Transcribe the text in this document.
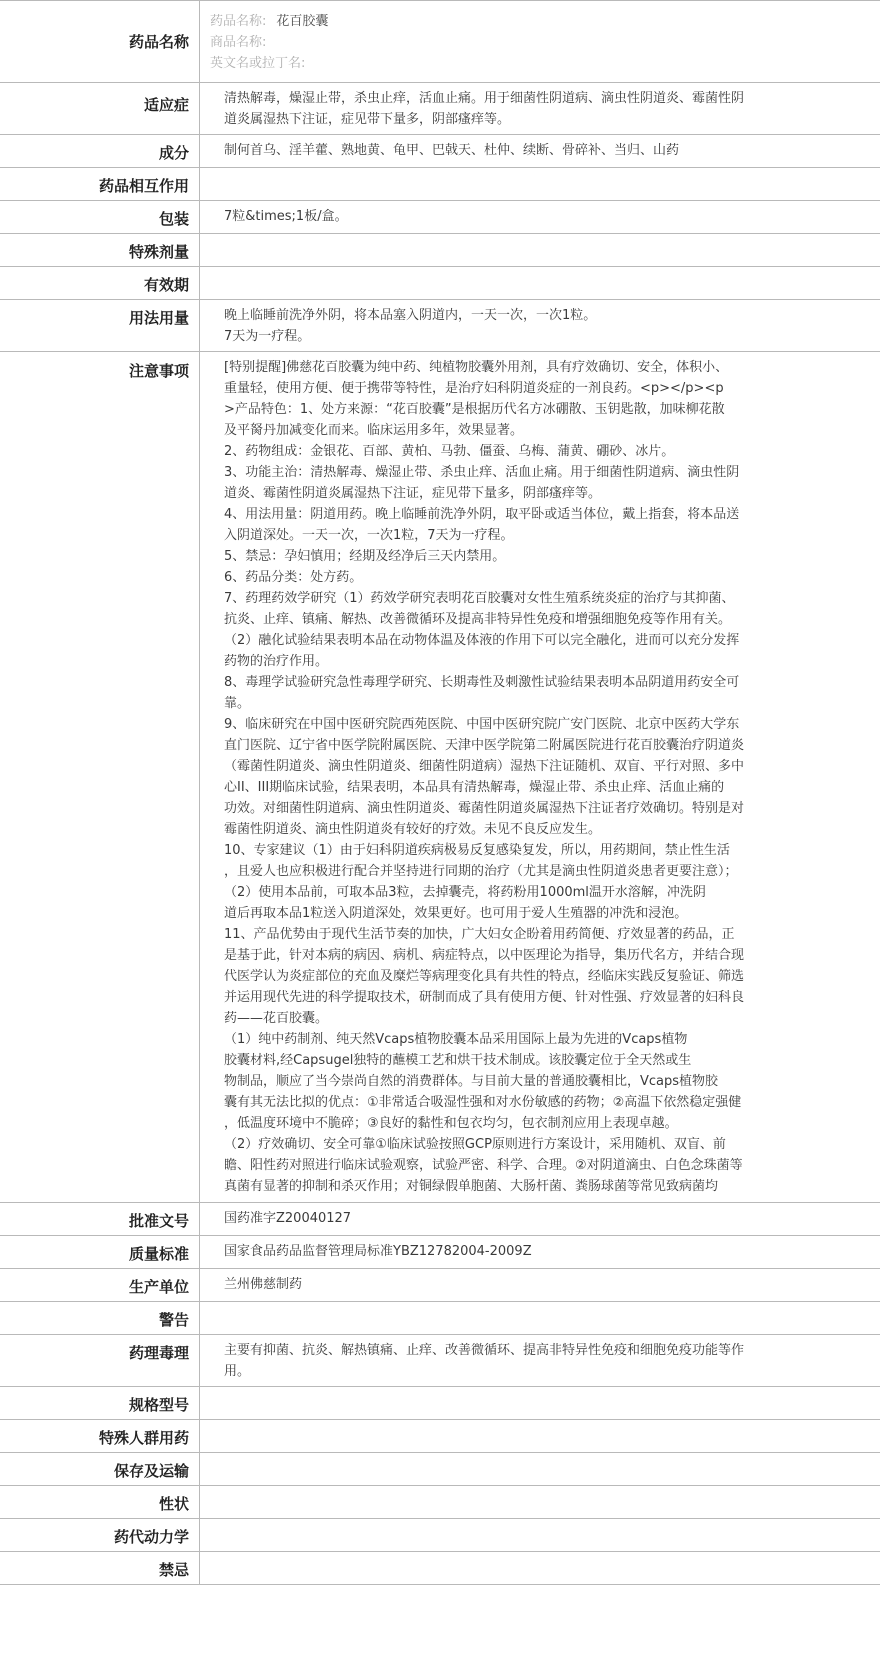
药品名称
药品名称: 花百胶囊
商品名称:
英文名或拉丁名:
适应症	清热解毒，燥湿止带，杀虫止痒，活血止痛。用于细菌性阴道病、滴虫性阴道炎、霉菌性阴
道炎属湿热下注证，症见带下量多，阴部瘙痒等。
成分	制何首乌、淫羊藿、熟地黄、龟甲、巴戟天、杜仲、续断、骨碎补、当归、山药
药品相互作用
包装	7粒&times;1板/盒。
特殊剂量
有效期
用法用量	晚上临睡前洗净外阴，将本品塞入阴道内，一天一次，一次1粒。
7天为一疗程。
注意事项	[特别提醒]佛慈花百胶囊为纯中药、纯植物胶囊外用剂，具有疗效确切、安全，体积小、
重量轻，使用方便、便于携带等特性，是治疗妇科阴道炎症的一剂良药。<p></p><p
>产品特色：1、处方来源：“花百胶囊”是根据历代名方冰硼散、玉钥匙散，加味柳花散
及平胬丹加减变化而来。临床运用多年，效果显著。
2、药物组成：金银花、百部、黄柏、马勃、僵蚕、乌梅、蒲黄、硼砂、冰片。
3、功能主治：清热解毒、燥湿止带、杀虫止痒、活血止痛。用于细菌性阴道病、滴虫性阴
道炎、霉菌性阴道炎属湿热下注证，症见带下量多，阴部瘙痒等。
4、用法用量：阴道用药。晚上临睡前洗净外阴，取平卧或适当体位，戴上指套，将本品送
入阴道深处。一天一次，一次1粒，7天为一疗程。
5、禁忌：孕妇慎用；经期及经净后三天内禁用。
6、药品分类：处方药。
7、药理药效学研究（1）药效学研究表明花百胶囊对女性生殖系统炎症的治疗与其抑菌、
抗炎、止痒、镇痛、解热、改善微循环及提高非特异性免疫和增强细胞免疫等作用有关。
（2）融化试验结果表明本品在动物体温及体液的作用下可以完全融化，进而可以充分发挥
药物的治疗作用。
8、毒理学试验研究急性毒理学研究、长期毒性及刺激性试验结果表明本品阴道用药安全可
靠。
9、临床研究在中国中医研究院西苑医院、中国中医研究院广安门医院、北京中医药大学东
直门医院、辽宁省中医学院附属医院、天津中医学院第二附属医院进行花百胶囊治疗阴道炎
（霉菌性阴道炎、滴虫性阴道炎、细菌性阴道病）湿热下注证随机、双盲、平行对照、多中
心II、III期临床试验，结果表明，本品具有清热解毒，燥湿止带、杀虫止痒、活血止痛的
功效。对细菌性阴道病、滴虫性阴道炎、霉菌性阴道炎属湿热下注证者疗效确切。特别是对
霉菌性阴道炎、滴虫性阴道炎有较好的疗效。未见不良反应发生。
10、专家建议（1）由于妇科阴道疾病极易反复感染复发，所以，用药期间，禁止性生活
，且爱人也应积极进行配合并坚持进行同期的治疗（尤其是滴虫性阴道炎患者更要注意）；
（2）使用本品前，可取本品3粒，去掉囊壳，将药粉用1000ml温开水溶解，冲洗阴
道后再取本品1粒送入阴道深处，效果更好。也可用于爱人生殖器的冲洗和浸泡。
11、产品优势由于现代生活节奏的加快，广大妇女企盼着用药简便、疗效显著的药品，正
是基于此，针对本病的病因、病机、病症特点，以中医理论为指导，集历代名方，并结合现
代医学认为炎症部位的充血及糜烂等病理变化具有共性的特点，经临床实践反复验证、筛选
并运用现代先进的科学提取技术，研制而成了具有使用方便、针对性强、疗效显著的妇科良
药——花百胶囊。
（1）纯中药制剂、纯天然Vcaps植物胶囊本品采用国际上最为先进的Vcaps植物
胶囊材料,经Capsugel独特的蘸模工艺和烘干技术制成。该胶囊定位于全天然或生
物制品，顺应了当今崇尚自然的消费群体。与目前大量的普通胶囊相比，Vcaps植物胶
囊有其无法比拟的优点：①非常适合吸湿性强和对水份敏感的药物；②高温下依然稳定强健
，低温度环境中不脆碎；③良好的黏性和包衣均匀，包衣制剂应用上表现卓越。
（2）疗效确切、安全可靠①临床试验按照GCP原则进行方案设计，采用随机、双盲、前
瞻、阳性药对照进行临床试验观察，试验严密、科学、合理。②对阴道滴虫、白色念珠菌等
真菌有显著的抑制和杀灭作用；对铜绿假单胞菌、大肠杆菌、粪肠球菌等常见致病菌均
批准文号	国药准字Z20040127
质量标准	国家食品药品监督管理局标准YBZ12782004-2009Z
生产单位	兰州佛慈制药
警告
药理毒理	主要有抑菌、抗炎、解热镇痛、止痒、改善微循环、提高非特异性免疫和细胞免疫功能等作
用。
规格型号
特殊人群用药
保存及运输
性状
药代动力学
禁忌
